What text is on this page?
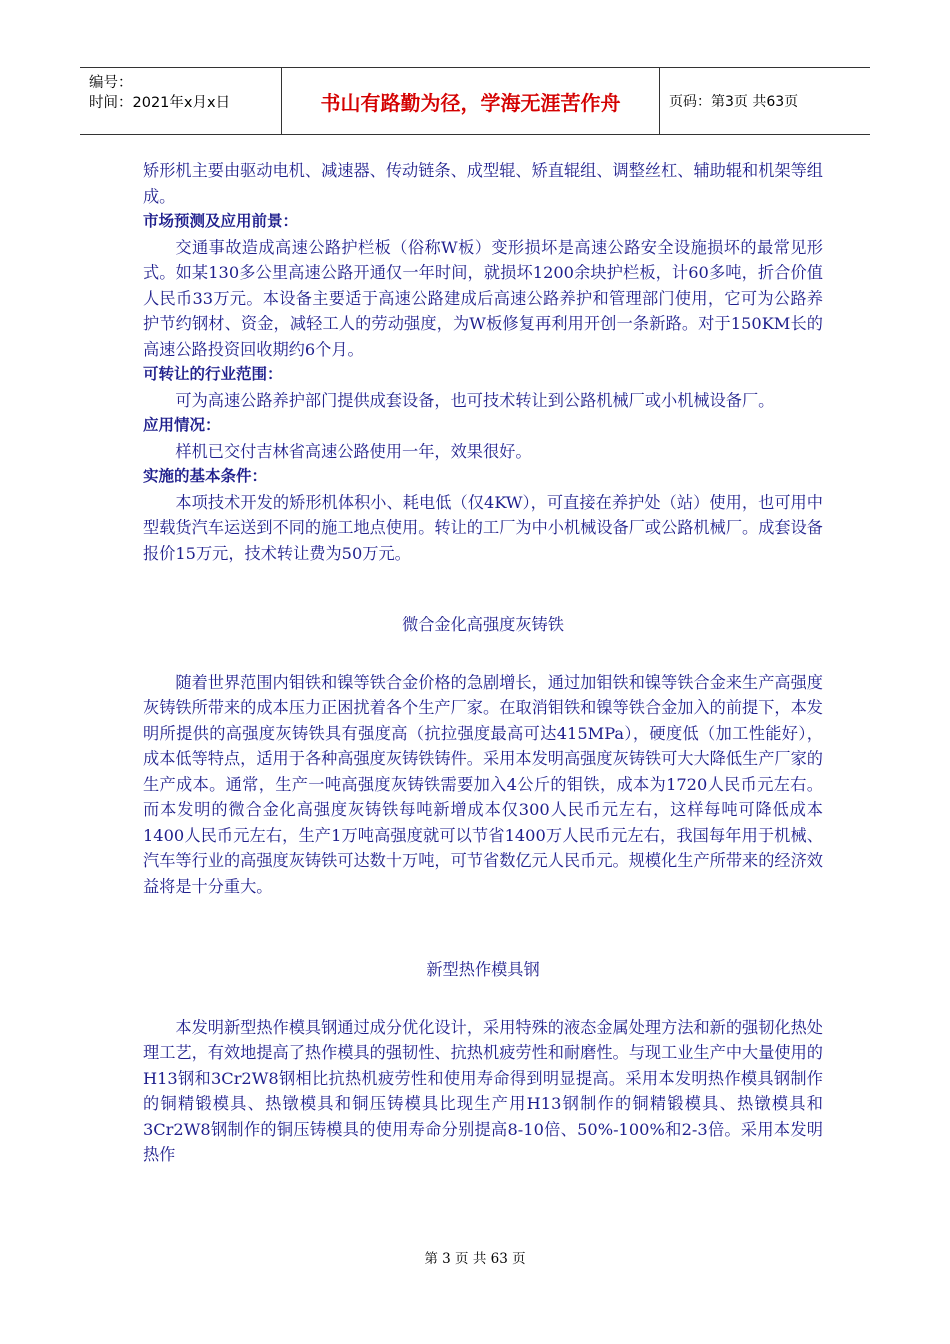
编号：
时间：2021年x月x日	书山有路勤为径，学海无涯苦作舟	页码：第3页 共63页

矫形机主要由驱动电机、减速器、传动链条、成型辊、矫直辊组、调整丝杠、辅助辊和机架等组成。

市场预测及应用前景：

交通事故造成高速公路护栏板（俗称W板）变形损坏是高速公路安全设施损坏的最常见形式。如某130多公里高速公路开通仅一年时间，就损坏1200余块护栏板，计60多吨，折合价值人民币33万元。本设备主要适于高速公路建成后高速公路养护和管理部门使用，它可为公路养护节约钢材、资金，减轻工人的劳动强度，为W板修复再利用开创一条新路。对于150KM长的高速公路投资回收期约6个月。

可转让的行业范围：

可为高速公路养护部门提供成套设备，也可技术转让到公路机械厂或小机械设备厂。

应用情况：

样机已交付吉林省高速公路使用一年，效果很好。

实施的基本条件：

本项技术开发的矫形机体积小、耗电低（仅4KW），可直接在养护处（站）使用，也可用中型载货汽车运送到不同的施工地点使用。转让的工厂为中小机械设备厂或公路机械厂。成套设备报价15万元，技术转让费为50万元。

微合金化高强度灰铸铁

随着世界范围内钼铁和镍等铁合金价格的急剧增长，通过加钼铁和镍等铁合金来生产高强度灰铸铁所带来的成本压力正困扰着各个生产厂家。在取消钼铁和镍等铁合金加入的前提下，本发明所提供的高强度灰铸铁具有强度高（抗拉强度最高可达415MPa），硬度低（加工性能好），成本低等特点，适用于各种高强度灰铸铁铸件。采用本发明高强度灰铸铁可大大降低生产厂家的生产成本。通常，生产一吨高强度灰铸铁需要加入4公斤的钼铁，成本为1720人民币元左右。而本发明的微合金化高强度灰铸铁每吨新增成本仅300人民币元左右，这样每吨可降低成本1400人民币元左右，生产1万吨高强度就可以节省1400万人民币元左右，我国每年用于机械、汽车等行业的高强度灰铸铁可达数十万吨，可节省数亿元人民币元。规模化生产所带来的经济效益将是十分重大。

新型热作模具钢

本发明新型热作模具钢通过成分优化设计，采用特殊的液态金属处理方法和新的强韧化热处理工艺，有效地提高了热作模具的强韧性、抗热机疲劳性和耐磨性。与现工业生产中大量使用的H13钢和3Cr2W8钢相比抗热机疲劳性和使用寿命得到明显提高。采用本发明热作模具钢制作的铜精锻模具、热镦模具和铜压铸模具比现生产用H13钢制作的铜精锻模具、热镦模具和3Cr2W8钢制作的铜压铸模具的使用寿命分别提高8-10倍、50%-100%和2-3倍。采用本发明热作

第 3 页 共 63 页
